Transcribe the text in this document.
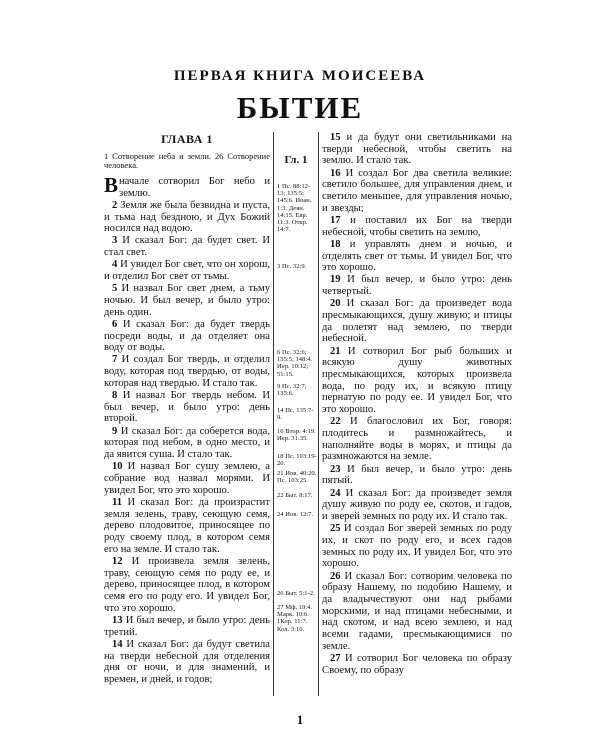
ПЕРВАЯ КНИГА МОИСЕЕВА
БЫТИЕ
ГЛАВА 1
1 Сотворение неба и земли. 26 Сотворение человека.
Вначале сотворил Бог небо и землю.
2 Земля же была безвидна и пуста, и тьма над бездною, и Дух Божий носился над водою.
3 И сказал Бог: да будет свет. И стал свет.
4 И увидел Бог свет, что он хорош, и отделил Бог свет от тьмы.
5 И назвал Бог свет днем, а тьму ночью. И был вечер, и было утро: день один.
6 И сказал Бог: да будет твердь посреди воды, и да отделяет она воду от воды.
7 И создал Бог твердь, и отделил воду, которая под твердью, от воды, которая над твердью. И стало так.
8 И назвал Бог твердь небом. И был вечер, и было утро: день второй.
9 И сказал Бог: да соберется вода, которая под небом, в одно место, и да явится суша. И стало так.
10 И назвал Бог сушу землею, а собрание вод назвал морями. И увидел Бог, что это хорошо.
11 И сказал Бог: да произрастит земля зелень, траву, сеющую семя, дерево плодовитое, приносящее по роду своему плод, в котором семя его на земле. И стало так.
12 И произвела земля зелень, траву, сеющую семя по роду ее, и дерево, приносящее плод, в котором семя его по роду его. И увидел Бог, что это хорошо.
13 И был вечер, и было утро: день третий.
14 И сказал Бог: да будут светила на тверди небесной для отделения дня от ночи, и для знамений, и времен, и дней, и годов;
Гл. 1
1 Пс. 88:12-13; 135:5; 145:6. Иоан. 1:3. Деян. 14:15. Евр. 11:3. Откр. 14:7.
3 Пс. 32:9.
6 Пс. 32:6; 135:5; 148:4. Иер. 10:12; 51:15.
9 Пс. 32:7; 135:6.
14 Пс. 135:7-9.
16 Втор. 4:19. Иер. 31:35.
18 Пс. 103:19-20.
21 Иов. 40:20. Пс. 103:25.
22 Быт. 8:17.
24 Иов. 12:7.
26 Быт. 5:1-2.
27 Мф. 19:4. Марк. 10:6. 1Кор. 11:7. Кол. 3:10.
15 и да будут они светильниками на тверди небесной, чтобы светить на землю. И стало так.
16 И создал Бог два светила великие: светило большее, для управления днем, и светило меньшее, для управления ночью, и звезды;
17 и поставил их Бог на тверди небесной, чтобы светить на землю,
18 и управлять днем и ночью, и отделять свет от тьмы. И увидел Бог, что это хорошо.
19 И был вечер, и было утро: день четвертый.
20 И сказал Бог: да произведет вода пресмыкающихся, душу живую; и птицы да полетят над землею, по тверди небесной.
21 И сотворил Бог рыб больших и всякую душу животных пресмыкающихся, которых произвела вода, по роду их, и всякую птицу пернатую по роду ее. И увидел Бог, что это хорошо.
22 И благословил их Бог, говоря: плодитесь и размножайтесь, и наполняйте воды в морях, и птицы да размножаются на земле.
23 И был вечер, и было утро: день пятый.
24 И сказал Бог: да произведет земля душу живую по роду ее, скотов, и гадов, и зверей земных по роду их. И стало так.
25 И создал Бог зверей земных по роду их, и скот по роду его, и всех гадов земных по роду их. И увидел Бог, что это хорошо.
26 И сказал Бог: сотворим человека по образу Нашему, по подобию Нашему, и да владычествуют они над рыбами морскими, и над птицами небесными, и над скотом, и над всею землею, и над всеми гадами, пресмыкающимися по земле.
27 И сотворил Бог человека по образу Своему, по образу
1
